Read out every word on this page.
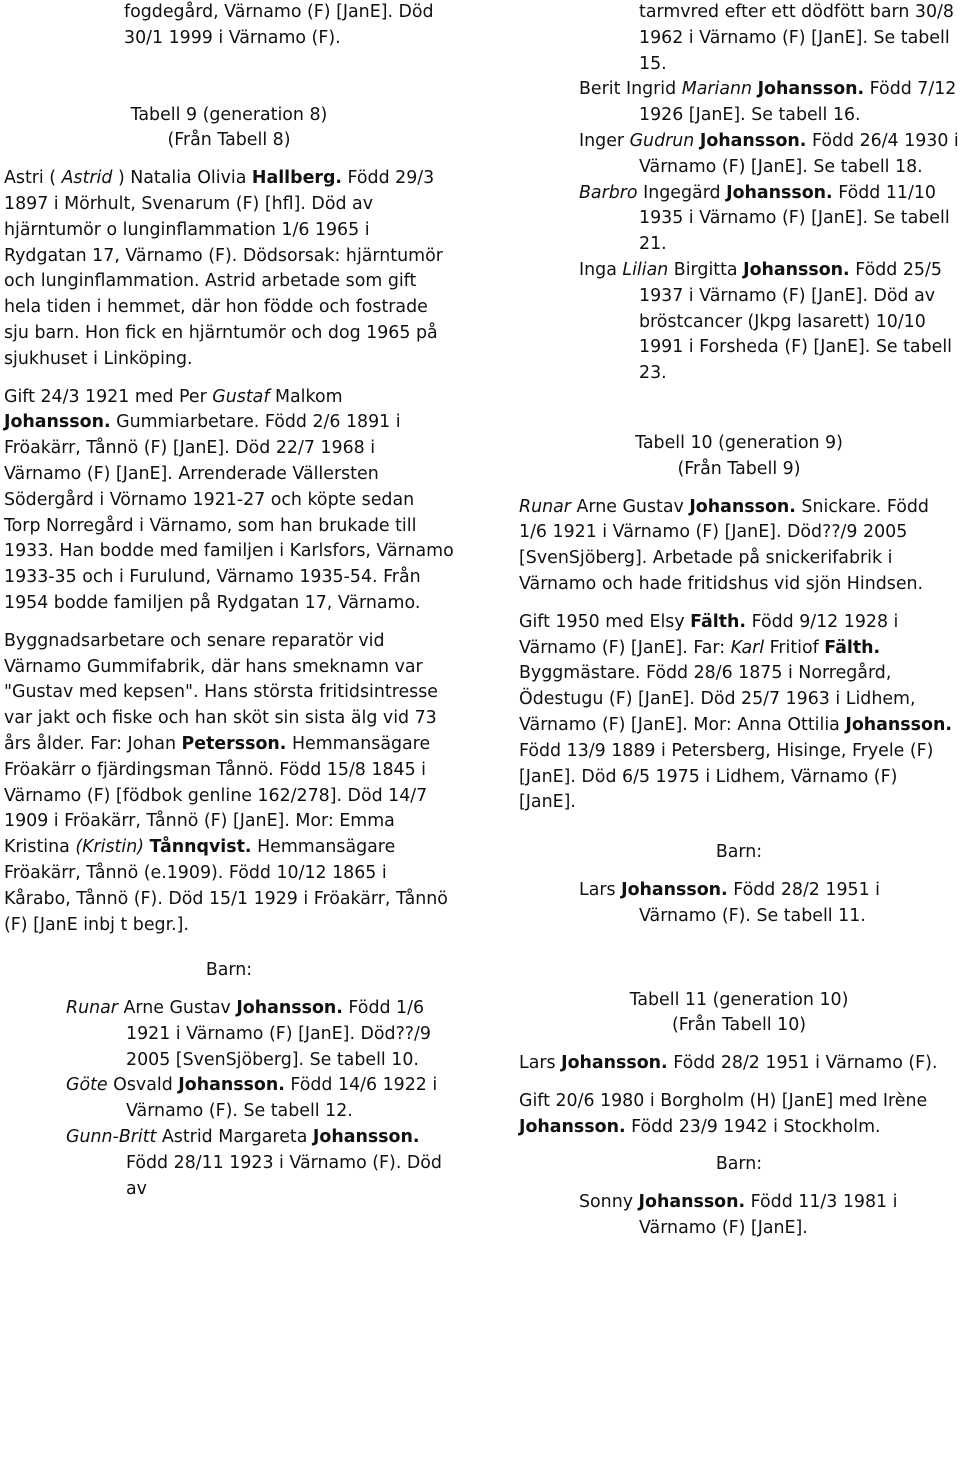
fogdegård, Värnamo (F) [JanE]. Död 30/1 1999 i Värnamo (F).

Tabell 9 (generation 8)

(Från Tabell 8)

Astri ( Astrid ) Natalia Olivia Hallberg. Född 29/3 1897 i Mörhult, Svenarum (F) [hfl]. Död av hjärntumör o lunginflammation 1/6 1965 i Rydgatan 17, Värnamo (F). Dödsorsak: hjärntumör och lunginflammation. Astrid arbetade som gift hela tiden i hemmet, där hon födde och fostrade sju barn. Hon fick en hjärntumör och dog 1965 på sjukhuset i Linköping.

Gift 24/3 1921 med Per Gustaf Malkom Johansson. Gummiarbetare. Född 2/6 1891 i Fröakärr, Tånnö (F) [JanE]. Död 22/7 1968 i Värnamo (F) [JanE]. Arrenderade Vällersten Södergård i Vörnamo 1921-27 och köpte sedan Torp Norregård i Värnamo, som han brukade till 1933. Han bodde med familjen i Karlsfors, Värnamo 1933-35 och i Furulund, Värnamo 1935-54. Från 1954 bodde familjen på Rydgatan 17, Värnamo.

Byggnadsarbetare och senare reparatör vid Värnamo Gummifabrik, där hans smeknamn var "Gustav med kepsen". Hans största fritidsintresse var jakt och fiske och han sköt sin sista älg vid 73 års ålder. Far: Johan Petersson. Hemmansägare Fröakärr o fjärdingsman Tånnö. Född 15/8 1845 i Värnamo (F) [födbok genline 162/278]. Död 14/7 1909 i Fröakärr, Tånnö (F) [JanE]. Mor: Emma Kristina (Kristin) Tånnqvist. Hemmansägare Fröakärr, Tånnö (e.1909). Född 10/12 1865 i Kårabo, Tånnö (F). Död 15/1 1929 i Fröakärr, Tånnö (F) [JanE inbj t begr.].

Barn:

Runar Arne Gustav Johansson. Född 1/6 1921 i Värnamo (F) [JanE]. Död??/9 2005 [SvenSjöberg]. Se tabell 10.

Göte Osvald Johansson. Född 14/6 1922 i Värnamo (F). Se tabell 12.

Gunn-Britt Astrid Margareta Johansson. Född 28/11 1923 i Värnamo (F). Död av

tarmvred efter ett dödfött barn 30/8 1962 i Värnamo (F) [JanE]. Se tabell 15.

Berit Ingrid Mariann Johansson. Född 7/12 1926 [JanE]. Se tabell 16.

Inger Gudrun Johansson. Född 26/4 1930 i Värnamo (F) [JanE]. Se tabell 18.

Barbro Ingegärd Johansson. Född 11/10 1935 i Värnamo (F) [JanE]. Se tabell 21.

Inga Lilian Birgitta Johansson. Född 25/5 1937 i Värnamo (F) [JanE]. Död av bröstcancer (Jkpg lasarett) 10/10 1991 i Forsheda (F) [JanE]. Se tabell 23.

Tabell 10 (generation 9)

(Från Tabell 9)

Runar Arne Gustav Johansson. Snickare. Född 1/6 1921 i Värnamo (F) [JanE]. Död??/9 2005 [SvenSjöberg]. Arbetade på snickerifabrik i Värnamo och hade fritidshus vid sjön Hindsen.

Gift 1950 med Elsy Fälth. Född 9/12 1928 i Värnamo (F) [JanE]. Far: Karl Fritiof Fälth. Byggmästare. Född 28/6 1875 i Norregård, Ödestugu (F) [JanE]. Död 25/7 1963 i Lidhem, Värnamo (F) [JanE]. Mor: Anna Ottilia Johansson. Född 13/9 1889 i Petersberg, Hisinge, Fryele (F) [JanE]. Död 6/5 1975 i Lidhem, Värnamo (F) [JanE].

Barn:

Lars Johansson. Född 28/2 1951 i Värnamo (F). Se tabell 11.

Tabell 11 (generation 10)

(Från Tabell 10)

Lars Johansson. Född 28/2 1951 i Värnamo (F).

Gift 20/6 1980 i Borgholm (H) [JanE] med Irène Johansson. Född 23/9 1942 i Stockholm.

Barn:

Sonny Johansson. Född 11/3 1981 i Värnamo (F) [JanE].
